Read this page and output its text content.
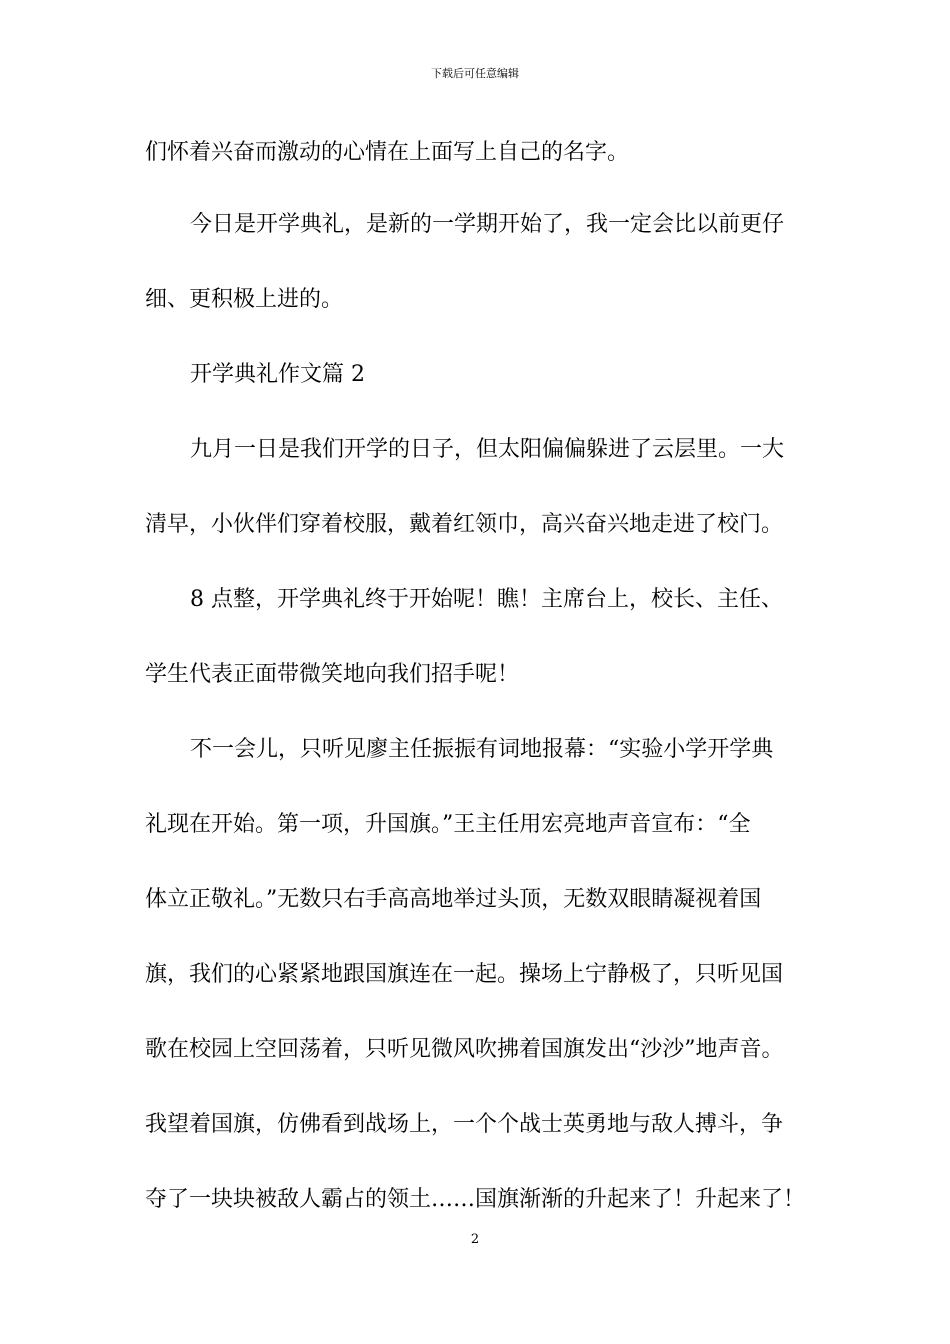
下载后可任意编辑
们怀着兴奋而激动的心情在上面写上自己的名字。
今日是开学典礼，是新的一学期开始了，我一定会比以前更仔
细、更积极上进的。
开学典礼作文篇 2
九月一日是我们开学的日子，但太阳偏偏躲进了云层里。一大
清早，小伙伴们穿着校服，戴着红领巾，高兴奋兴地走进了校门。
8 点整，开学典礼终于开始呢！瞧！主席台上，校长、主任、
学生代表正面带微笑地向我们招手呢！
不一会儿，只听见廖主任振振有词地报幕：“实验小学开学典
礼现在开始。第一项，升国旗。”王主任用宏亮地声音宣布：“全
体立正敬礼。”无数只右手高高地举过头顶，无数双眼睛凝视着国
旗，我们的心紧紧地跟国旗连在一起。操场上宁静极了，只听见国
歌在校园上空回荡着，只听见微风吹拂着国旗发出“沙沙”地声音。
我望着国旗，仿佛看到战场上，一个个战士英勇地与敌人搏斗，争
夺了一块块被敌人霸占的领土……国旗渐渐的升起来了！升起来了！
2
